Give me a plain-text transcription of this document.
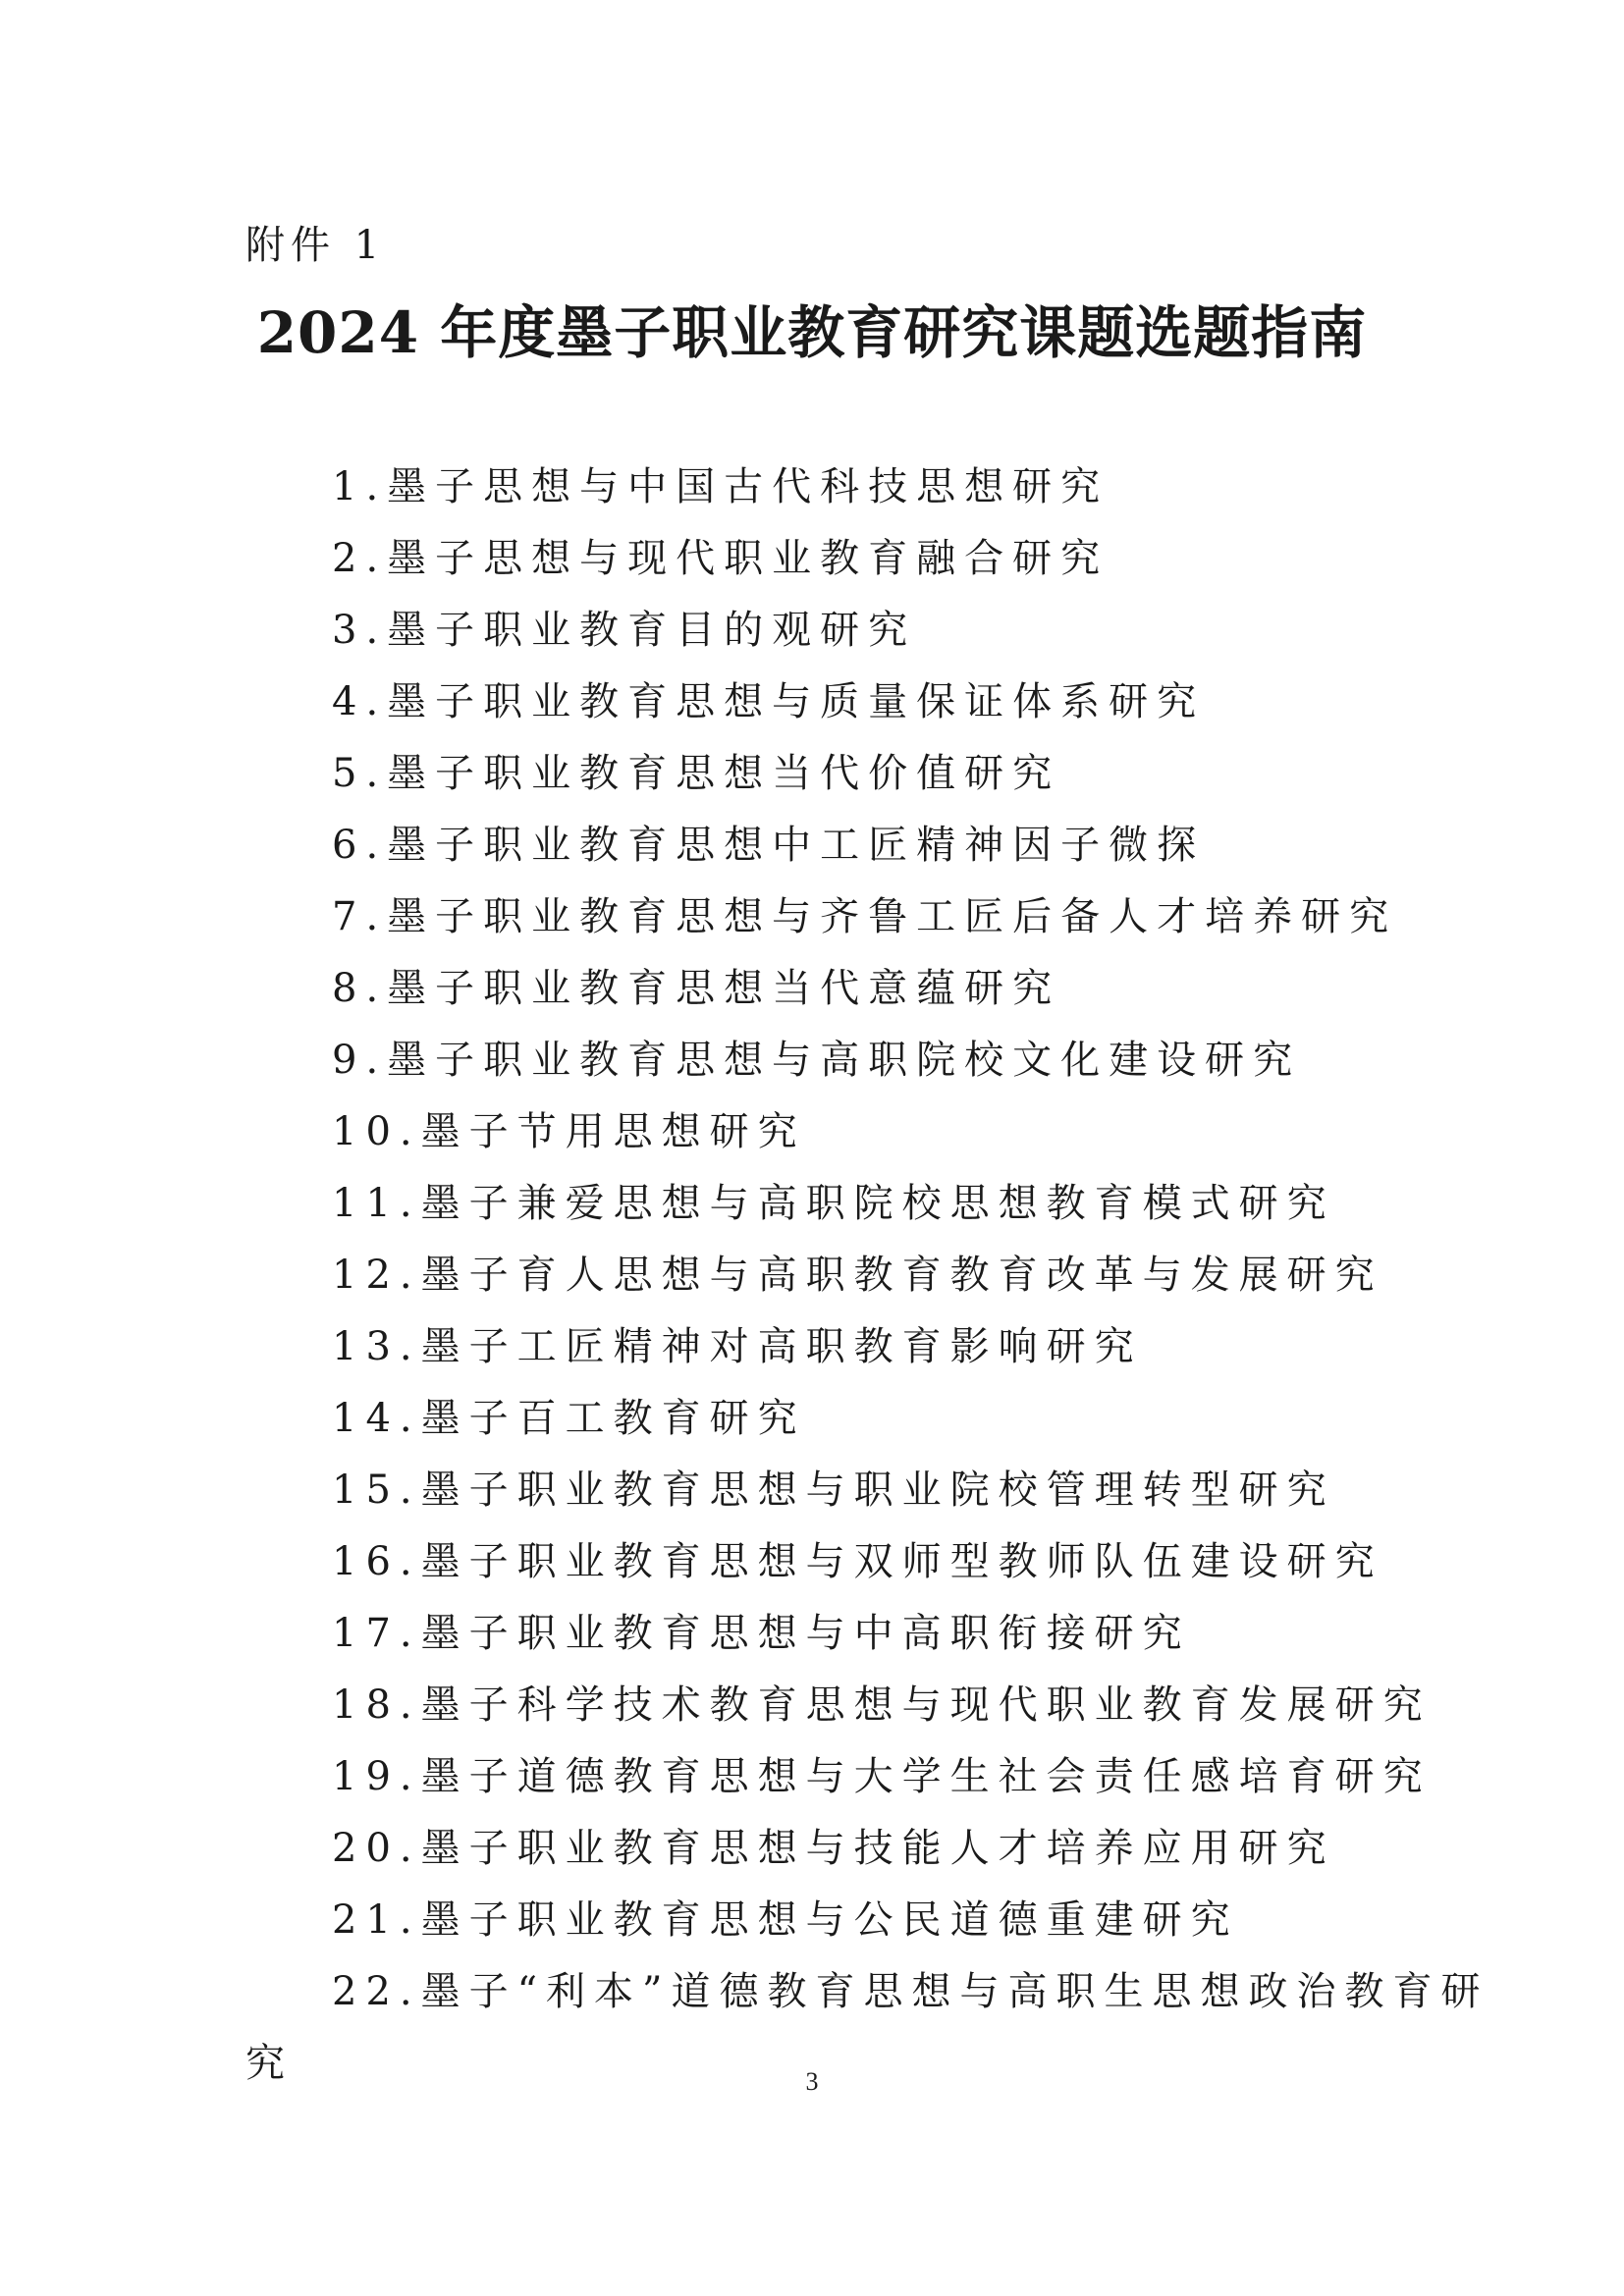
附件 1
2024 年度墨子职业教育研究课题选题指南
1.墨子思想与中国古代科技思想研究
2.墨子思想与现代职业教育融合研究
3.墨子职业教育目的观研究
4.墨子职业教育思想与质量保证体系研究
5.墨子职业教育思想当代价值研究
6.墨子职业教育思想中工匠精神因子微探
7.墨子职业教育思想与齐鲁工匠后备人才培养研究
8.墨子职业教育思想当代意蕴研究
9.墨子职业教育思想与高职院校文化建设研究
10.墨子节用思想研究
11.墨子兼爱思想与高职院校思想教育模式研究
12.墨子育人思想与高职教育教育改革与发展研究
13.墨子工匠精神对高职教育影响研究
14.墨子百工教育研究
15.墨子职业教育思想与职业院校管理转型研究
16.墨子职业教育思想与双师型教师队伍建设研究
17.墨子职业教育思想与中高职衔接研究
18.墨子科学技术教育思想与现代职业教育发展研究
19.墨子道德教育思想与大学生社会责任感培育研究
20.墨子职业教育思想与技能人才培养应用研究
21.墨子职业教育思想与公民道德重建研究
22.墨子“利本”道德教育思想与高职生思想政治教育研
究	3
